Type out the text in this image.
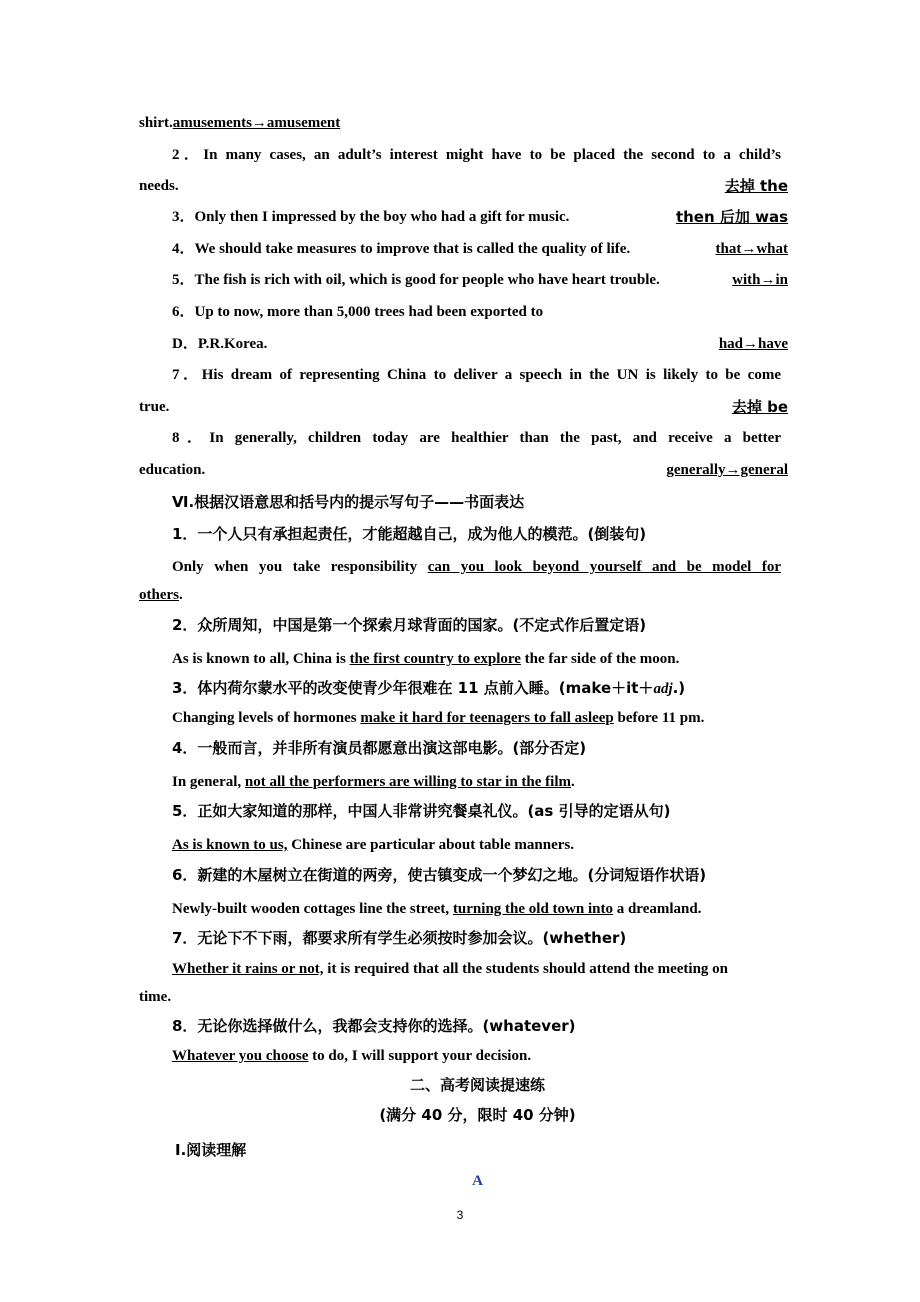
shirt.amusements→amusement
2．In many cases, an adult’s interest might have to be placed the second to a child’s
needs.	去掉 the
3．Only then I impressed by the boy who had a gift for music.	then 后加 was
4．We should take measures to improve that is called the quality of life.	that→what
5．The fish is rich with oil, which is good for people who have heart trouble.	with→in
6．Up to now, more than 5,000 trees had been exported to
D．P.R.Korea.	had→have
7．His dream of representing China to deliver a speech in the UN is likely to be come
true.	去掉 be
8．In generally, children today are healthier than the past, and receive a better
education.	generally→general
Ⅵ.根据汉语意思和括号内的提示写句子——书面表达
1．一个人只有承担起责任，才能超越自己，成为他人的模范。(倒装句)
Only when you take responsibility can you look beyond yourself and be model for
others.
2．众所周知，中国是第一个探索月球背面的国家。(不定式作后置定语)
As is known to all, China is the first country to explore the far side of the moon.
3．体内荷尔蒙水平的改变使青少年很难在 11 点前入睡。(make＋it＋adj.)
Changing levels of hormones make it hard for teenagers to fall asleep before 11 pm.
4．一般而言，并非所有演员都愿意出演这部电影。(部分否定)
In general, not all the performers are willing to star in the film.
5．正如大家知道的那样，中国人非常讲究餐桌礼仪。(as 引导的定语从句)
As is known to us, Chinese are particular about table manners.
6．新建的木屋树立在街道的两旁，使古镇变成一个梦幻之地。(分词短语作状语)
Newly-built wooden cottages line the street, turning the old town into a dreamland.
7．无论下不下雨，都要求所有学生必须按时参加会议。(whether)
Whether it rains or not, it is required that all the students should attend the meeting on
time.
8．无论你选择做什么，我都会支持你的选择。(whatever)
Whatever you choose to do, I will support your decision.
二、高考阅读提速练
(满分 40 分，限时 40 分钟)
Ⅰ.阅读理解
A
3
